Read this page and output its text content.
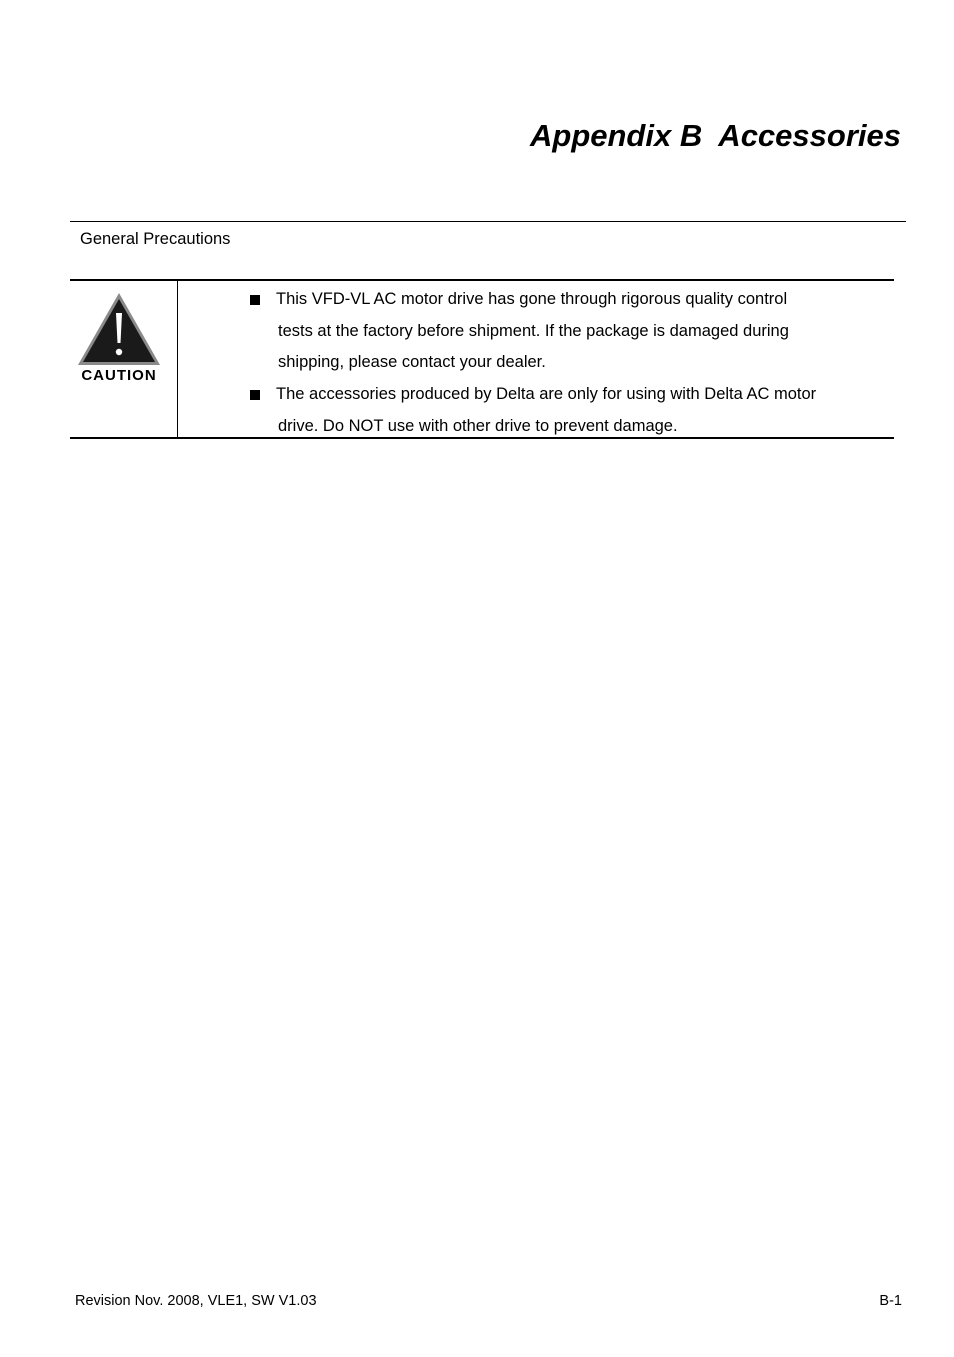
Appendix B  Accessories

General Precautions

CAUTION
This VFD-VL AC motor drive has gone through rigorous quality control
tests at the factory before shipment. If the package is damaged during
shipping, please contact your dealer.
The accessories produced by Delta are only for using with Delta AC motor
drive. Do NOT use with other drive to prevent damage.
Revision Nov. 2008, VLE1, SW V1.03	B-1
